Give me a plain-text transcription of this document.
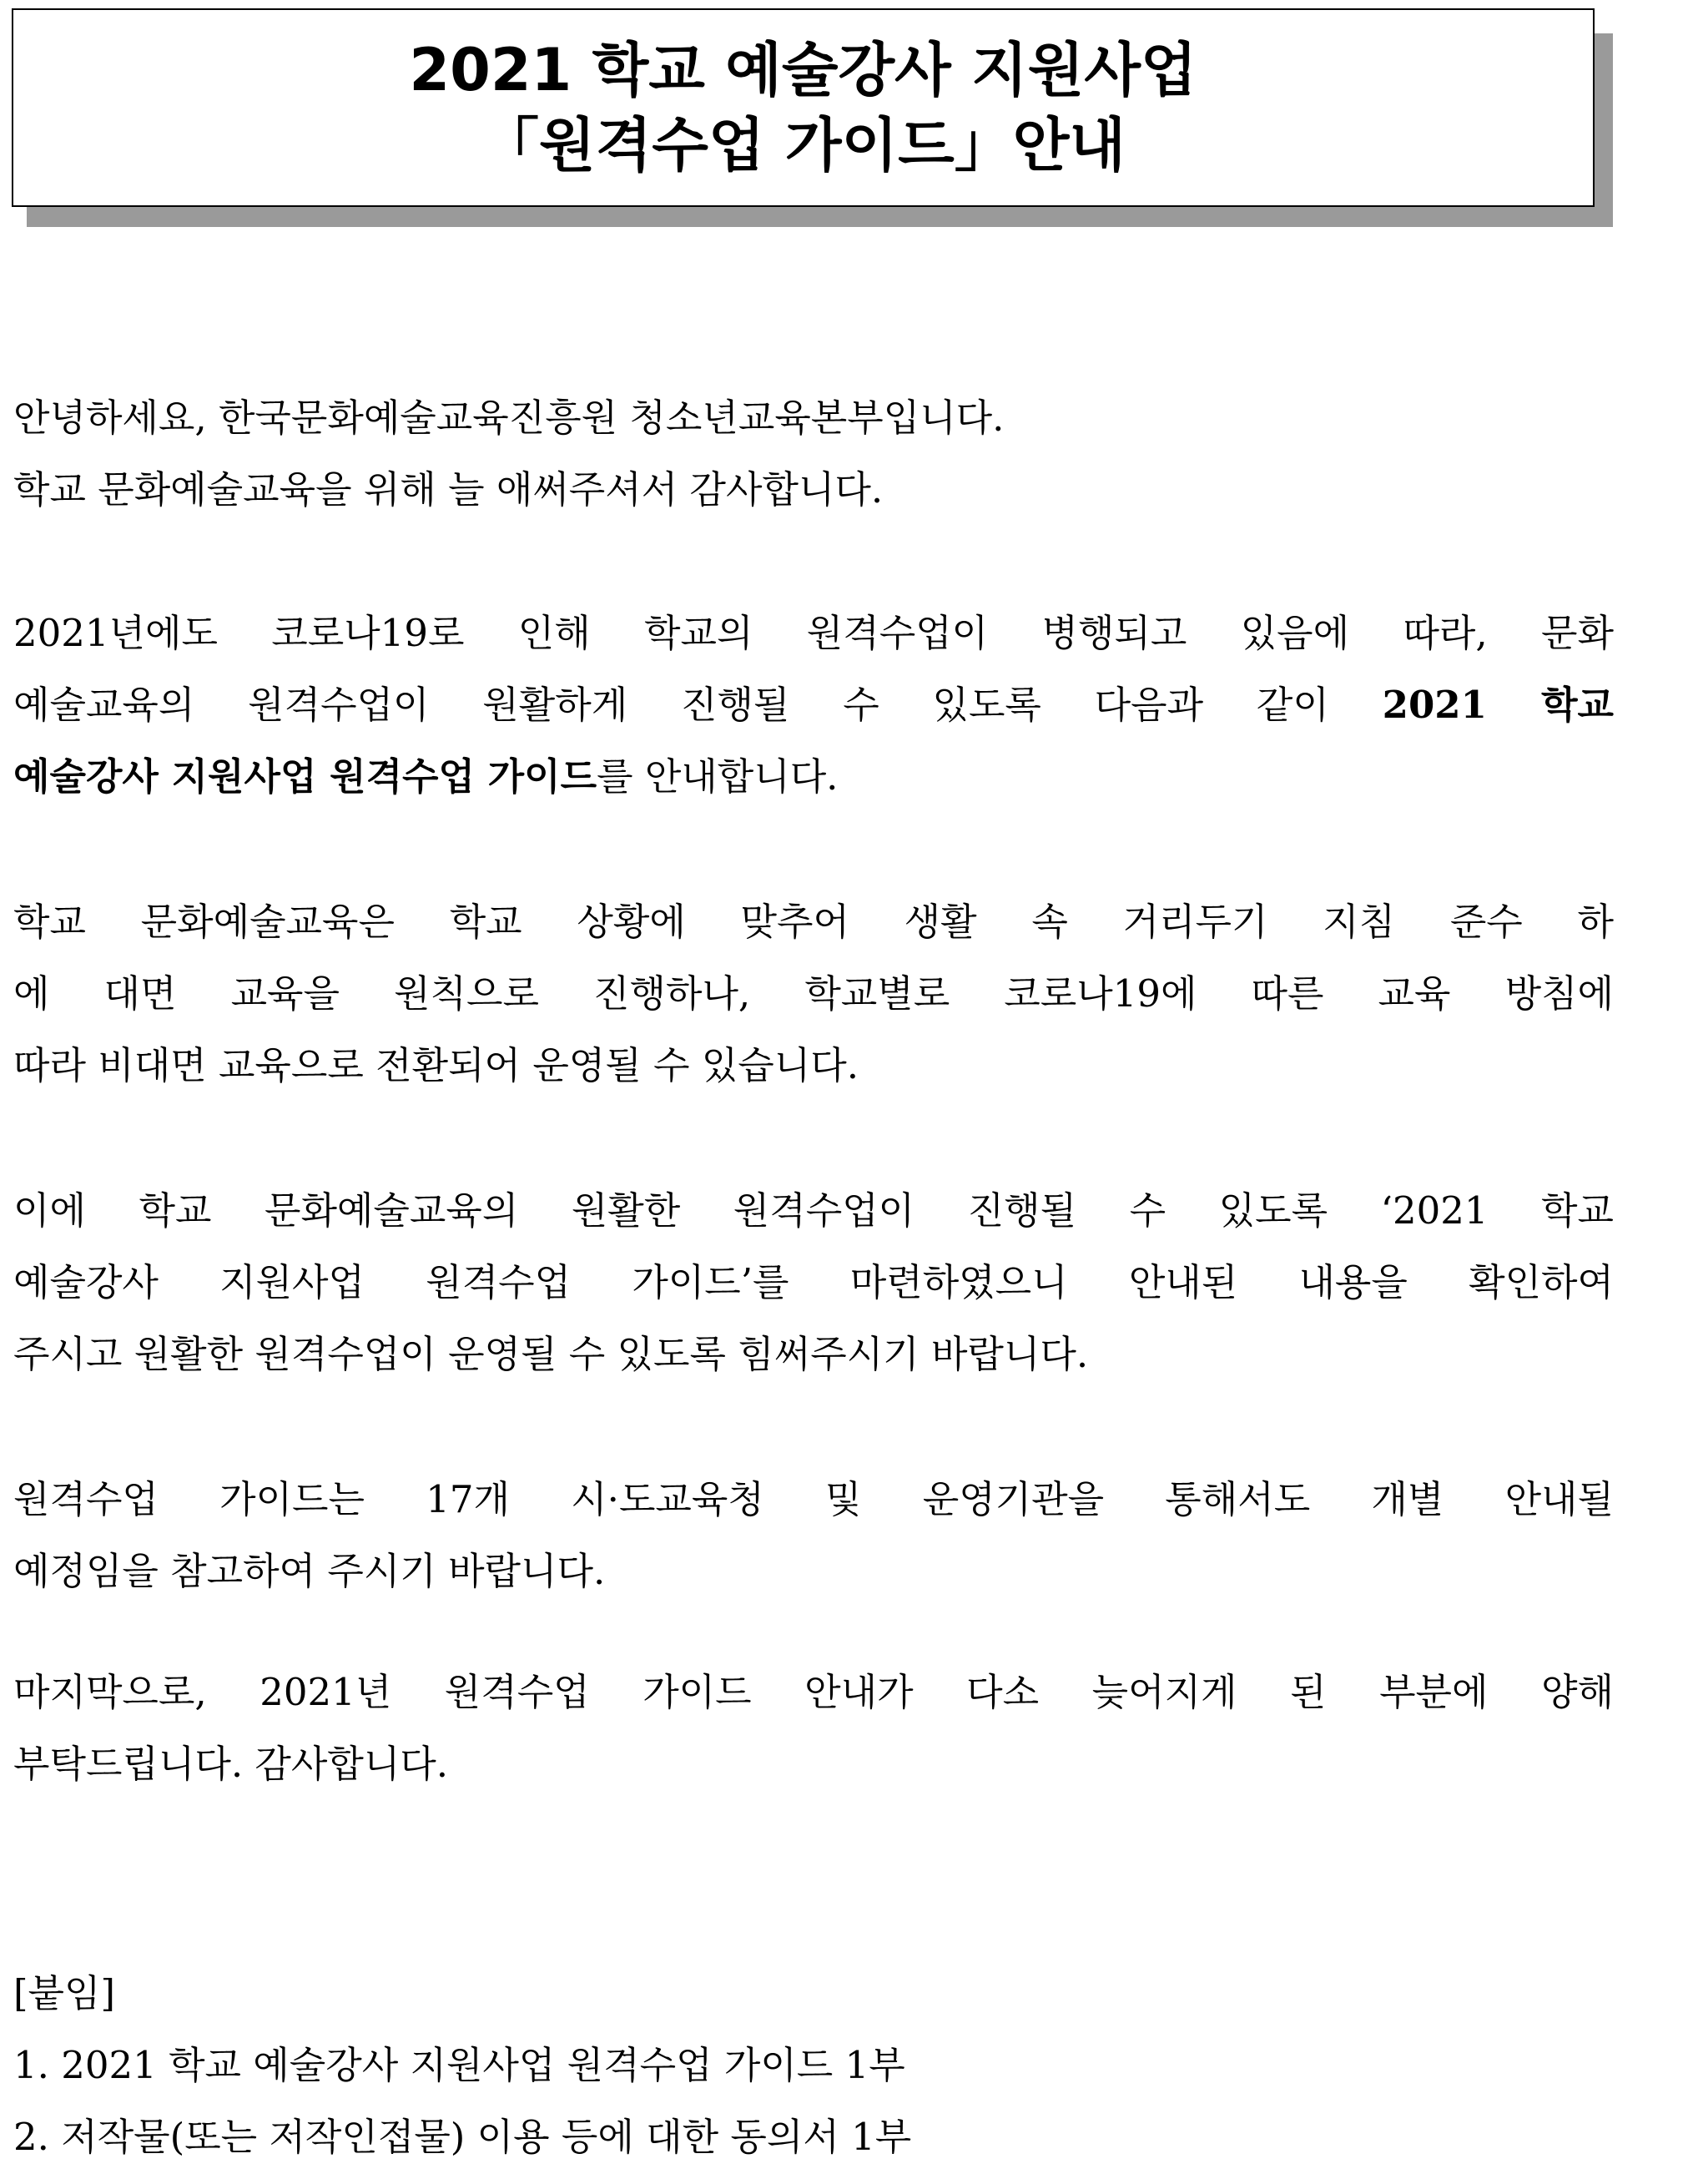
2021 학교 예술강사 지원사업
「원격수업 가이드」안내
안녕하세요, 한국문화예술교육진흥원 청소년교육본부입니다.
학교 문화예술교육을 위해 늘 애써주셔서 감사합니다.
2021년에도 코로나19로 인해 학교의 원격수업이 병행되고 있음에 따라, 문화
예술교육의 원격수업이 원활하게 진행될 수 있도록 다음과 같이 2021 학교
예술강사 지원사업 원격수업 가이드를 안내합니다.
학교 문화예술교육은 학교 상황에 맞추어 생활 속 거리두기 지침 준수 하
에 대면 교육을 원칙으로 진행하나, 학교별로 코로나19에 따른 교육 방침에
따라 비대면 교육으로 전환되어 운영될 수 있습니다.
이에 학교 문화예술교육의 원활한 원격수업이 진행될 수 있도록 ‘2021 학교
예술강사 지원사업 원격수업 가이드’를 마련하였으니 안내된 내용을 확인하여
주시고 원활한 원격수업이 운영될 수 있도록 힘써주시기 바랍니다.
원격수업 가이드는 17개 시·도교육청 및 운영기관을 통해서도 개별 안내될
예정임을 참고하여 주시기 바랍니다.
마지막으로, 2021년 원격수업 가이드 안내가 다소 늦어지게 된 부분에 양해
부탁드립니다. 감사합니다.
[붙임]
1. 2021 학교 예술강사 지원사업 원격수업 가이드 1부
2. 저작물(또는 저작인접물) 이용 등에 대한 동의서 1부
